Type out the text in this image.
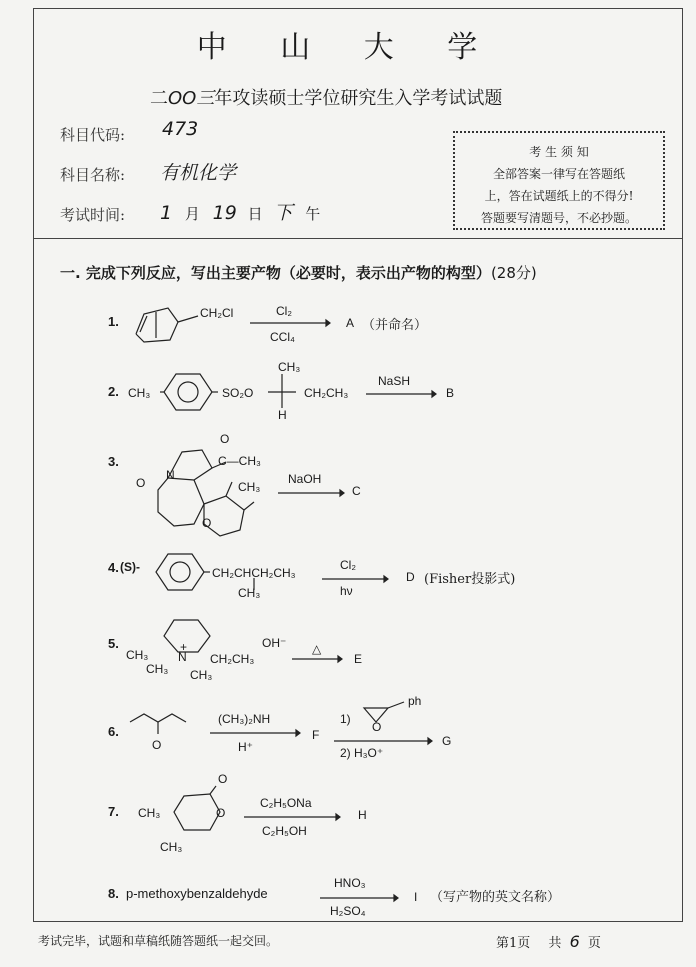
中 山 大 学
二OO三年攻读硕士学位研究生入学考试试题
科目代码: 473
科目名称: 有机化学
考试时间: 1 月 19 日 下 午
考 生 须 知
全部答案一律写在答题纸
上，答在试题纸上的不得分!
答题要写清题号，不必抄题。
一. 完成下列反应，写出主要产物（必要时，表示出产物的构型）(28分)
1.
CH₂Cl	Cl₂
CCl₄
A （并命名）
2. CH₃	SO₂O
CH₃
CH₂CH₃
H
NaSH
B
3.
O
N
O
C—CH₃
CH₃
O
NaOH
C
4. (S)-	CH₂CHCH₂CH₃
CH₃
Cl₂
hν
D (Fisher投影式)
5.
CH₃
CH₃
+
N
CH₃
CH₂CH₃
OH⁻ △
E
6.
O
(CH₃)₂NH
H⁺
F
1)
ph
O
2) H₃O⁺
G
7.
O
O
CH₃
CH₃
C₂H₅ONa
C₂H₅OH
H
8. p-methoxybenzaldehyde
HNO₃
H₂SO₄
I （写产物的英文名称）
考试完毕，试题和草稿纸随答题纸一起交回。	第1页 共 6 页
